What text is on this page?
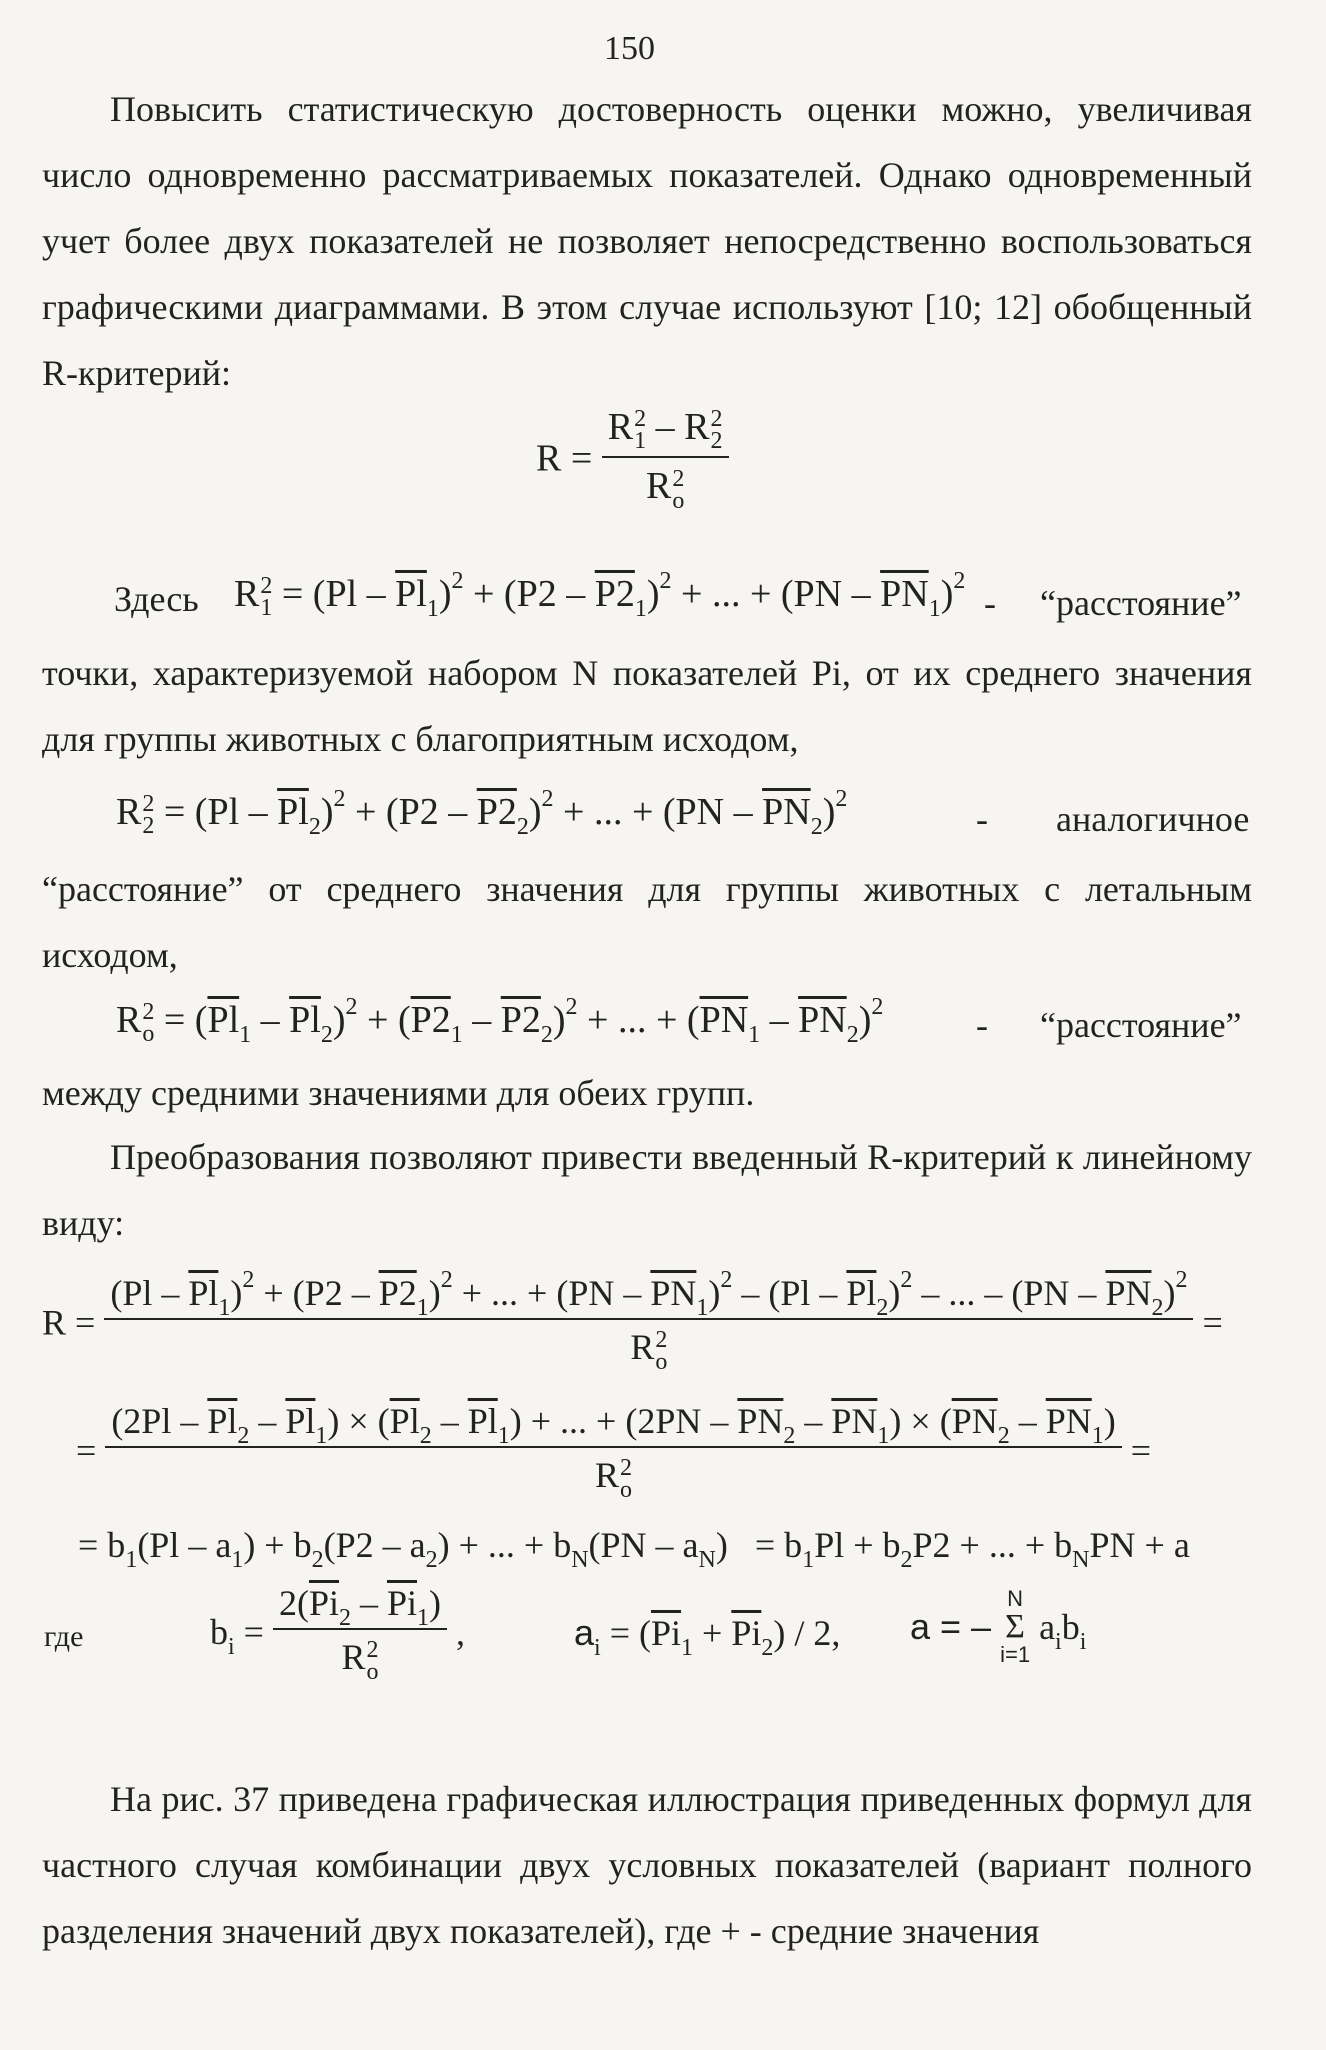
150
Повысить статистическую достоверность оценки можно, увеличивая число одновременно рассматриваемых показателей. Однако одновременный учет более двух показателей не позволяет непосредственно воспользоваться графическими диаграммами. В этом случае используют [10; 12] обобщенный R-критерий:
R = R 2
1 – R 2
2
R 2
o
Здесь R 2
$1 = (Pl - \overline{Pl}_1)^2 + (P2 - P2_1)^2$ + ... + $(PN - \overline{PN}_1)^2$
- “расстояние”
точки, характеризуемой набором N показателей Pi, от их среднего значения для группы животных с благоприятным исходом,
R 2
$2 = (Pl - \overline{Pl}_2)^2 + (P2 - P2_2)^2$ + ... + $(PN - \overline{PN}_2)^2$	- аналогичное
“расстояние” от среднего значения для группы животных с летальным исходом,
R 2
$o = (\overline{Pl}_1 - \overline{Pl}_2)^2 + (P2_1 - P2_2)^2$ + ... + $(\overline{PN}_1 - \overline{PN}_2)^2$	- “расстояние”
между средними значениями для обеих групп.
Преобразования позволяют привести введенный R-критерий к линейному виду:
R =
$(Pl - \overline{Pl}_1)^2 + (P2 - P2_1)^2$ + ... + $(PN - \overline{PN}_1)^2 - (Pl - \overline{Pl}_2)^2$ – ... – $(PN - \overline{PN}_2)^2$
R 2
o
=
=
$(2Pl - \overline{Pl}_2 - \overline{Pl}_1) \times (\overline{Pl}_2 - \overline{Pl}_1)$ + ... + $(2PN - \overline{PN}_2 - \overline{PN}_1) \times (\overline{PN}_2 - \overline{PN}_1)$
R 2
o
=
= $b_1(Pl - a_1) + b_2(P2 - a_2)$ + ... + $b_N(PN - a_N) = b_1Pl + b_2P2$ + ... + $b_NPN + a$
где	$b_i = 2(\overline{Pi}_2 - \overline{Pi}_1)$
R 2
o ,	$a_i = (\overline{Pi}_1 + \overline{Pi}_2) / 2$, a = –
N
Σ
i=1
$a_ib_i$
На рис. 37 приведена графическая иллюстрация приведенных формул для частного случая комбинации двух условных показателей (вариант полного разделения значений двух показателей), где + - средние значения
